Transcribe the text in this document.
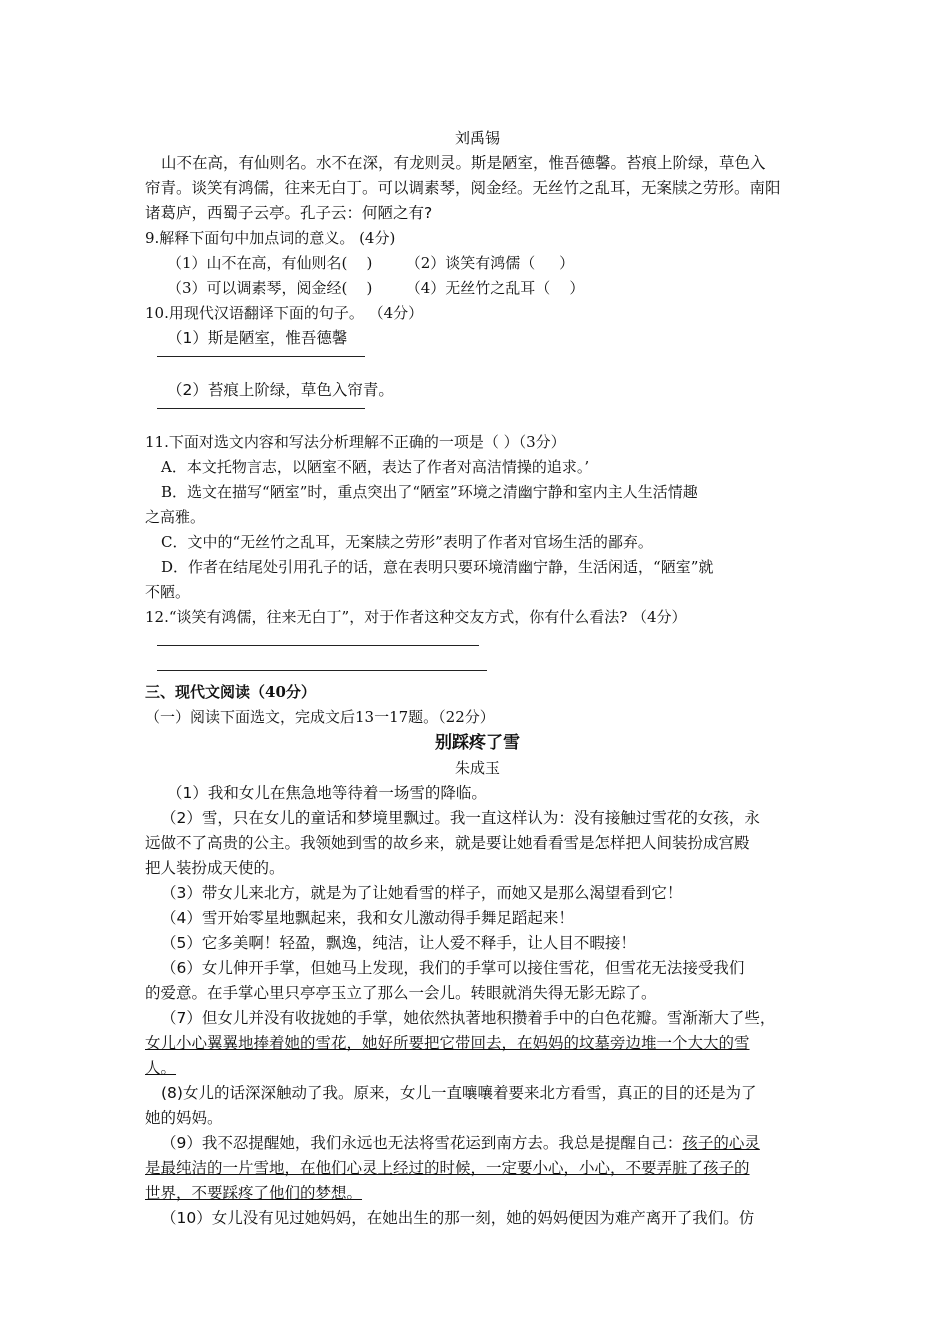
刘禹锡
山不在高，有仙则名。水不在深，有龙则灵。斯是陋室，惟吾德馨。苔痕上阶绿，草色入
帘青。谈笑有鸿儒，往来无白丁。可以调素琴，阅金经。无丝竹之乱耳，无案牍之劳形。南阳
诸葛庐，西蜀子云亭。孔子云：何陋之有?
9.解释下面句中加点词的意义。 (4分)
（1）山不在高，有仙则名(    )       （2）谈笑有鸿儒（     ）
（3）可以调素琴，阅金经(    )       （4）无丝竹之乱耳（    ）
10.用现代汉语翻译下面的句子。 （4分）
（1）斯是陋室，惟吾德馨
（2）苔痕上阶绿，草色入帘青。
11.下面对选文内容和写法分析理解不正确的一项是（ ）（3分）
A．本文托物言志，以陋室不陋，表达了作者对高洁情操的追求。’
B．选文在描写“陋室”时，重点突出了“陋室”环境之清幽宁静和室内主人生活情趣
之高雅。
C．文中的“无丝竹之乱耳，无案牍之劳形”表明了作者对官场生活的鄙弃。
D．作者在结尾处引用孔子的话，意在表明只要环境清幽宁静，生活闲适，“陋室”就
不陋。
12.“谈笑有鸿儒，往来无白丁”，对于作者这种交友方式，你有什么看法? （4分）
三、现代文阅读（40分）
（一）阅读下面选文，完成文后13一17题。（22分）
别踩疼了雪
朱成玉
（1）我和女儿在焦急地等待着一场雪的降临。
（2）雪，只在女儿的童话和梦境里飘过。我一直这样认为：没有接触过雪花的女孩，永
远做不了高贵的公主。我领她到雪的故乡来，就是要让她看看雪是怎样把人间装扮成宫殿
把人装扮成天使的。
（3）带女儿来北方，就是为了让她看雪的样子，而她又是那么渴望看到它！
（4）雪开始零星地飘起来，我和女儿激动得手舞足蹈起来！
（5）它多美啊！轻盈，飘逸，纯洁，让人爱不释手，让人目不暇接！
（6）女儿伸开手掌，但她马上发现，我们的手掌可以接住雪花，但雪花无法接受我们
的爱意。在手掌心里只亭亭玉立了那么一会儿。转眼就消失得无影无踪了。
（7）但女儿并没有收拢她的手掌，她依然执著地积攒着手中的白色花瓣。雪渐渐大了些，
女儿小心翼翼地捧着她的雪花，她好所要把它带回去，在妈妈的坟墓旁边堆一个大大的雪
人。
(8)女儿的话深深触动了我。原来，女儿一直嚷嚷着要来北方看雪，真正的目的还是为了
她的妈妈。
（9）我不忍提醒她，我们永远也无法将雪花运到南方去。我总是提醒自己：孩子的心灵
是最纯洁的一片雪地，在他们心灵上经过的时候，一定要小心，小心，不要弄脏了孩子的
世界，不要踩疼了他们的梦想。
（10）女儿没有见过她妈妈，在她出生的那一刻，她的妈妈便因为难产离开了我们。仿
